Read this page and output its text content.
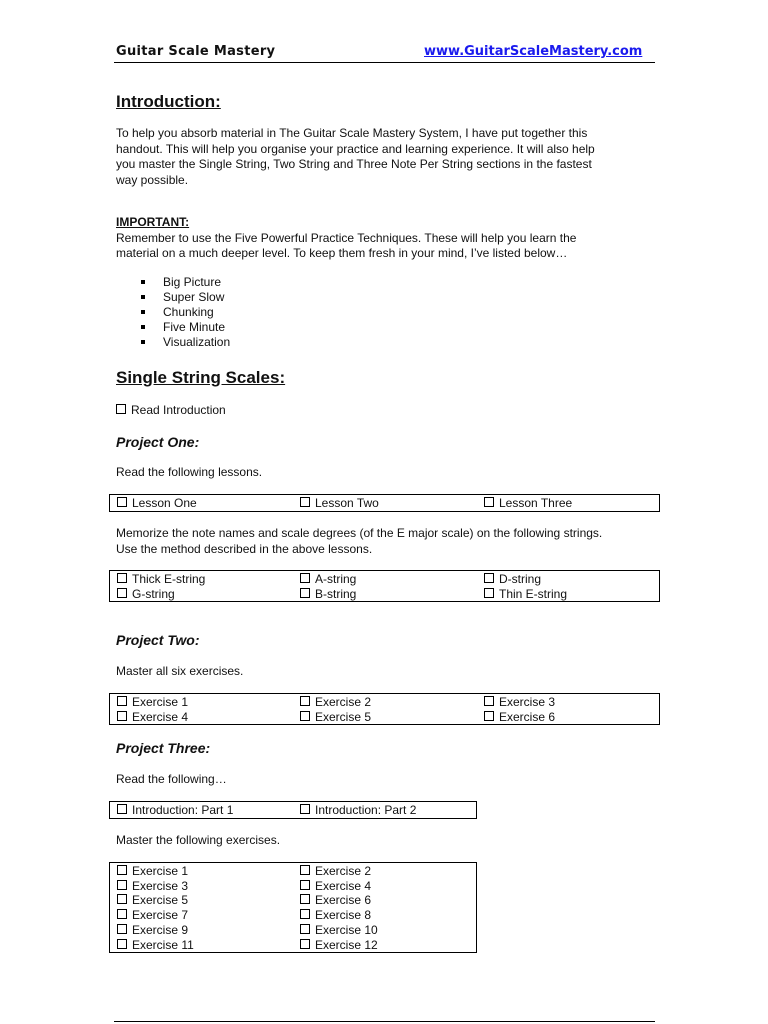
Guitar Scale Mastery	www.GuitarScaleMastery.com
Introduction:
To help you absorb material in The Guitar Scale Mastery System, I have put together this
handout. This will help you organise your practice and learning experience. It will also help
you master the Single String, Two String and Three Note Per String sections in the fastest
way possible.
IMPORTANT:
Remember to use the Five Powerful Practice Techniques. These will help you learn the
material on a much deeper level. To keep them fresh in your mind, I’ve listed below…
Big Picture
Super Slow
Chunking
Five Minute
Visualization
Single String Scales:
Read Introduction
Project One:
Read the following lessons.
Lesson One	Lesson Two	Lesson Three
Memorize the note names and scale degrees (of the E major scale) on the following strings.
Use the method described in the above lessons.
Thick E-string	A-string	D-string
G-string	B-string	Thin E-string
Project Two:
Master all six exercises.
Exercise 1	Exercise 2	Exercise 3
Exercise 4	Exercise 5	Exercise 6
Project Three:
Read the following…
Introduction: Part 1	Introduction: Part 2
Master the following exercises.
Exercise 1	Exercise 2
Exercise 3	Exercise 4
Exercise 5	Exercise 6
Exercise 7	Exercise 8
Exercise 9	Exercise 10
Exercise 11	Exercise 12
